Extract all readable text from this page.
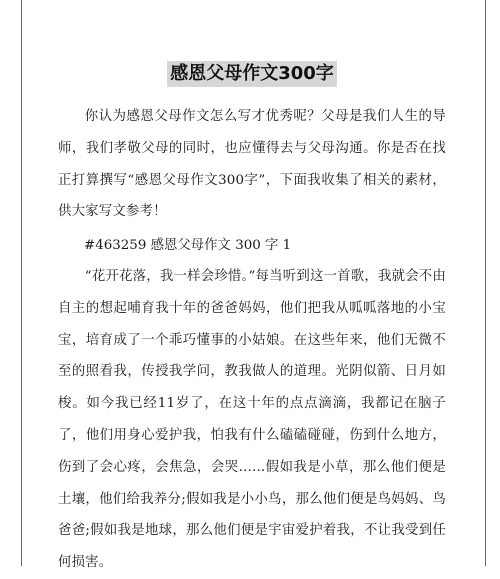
感恩父母作文300字

你认为感恩父母作文怎么写才优秀呢？父母是我们人生的导师，我们孝敬父母的同时，也应懂得去与父母沟通。你是否在找正打算撰写“感恩父母作文300字”，下面我收集了相关的素材，供大家写文参考！

#463259 感恩父母作文 300 字 1

“花开花落，我一样会珍惜。”每当听到这一首歌，我就会不由自主的想起哺育我十年的爸爸妈妈，他们把我从呱呱落地的小宝宝，培育成了一个乖巧懂事的小姑娘。在这些年来，他们无微不至的照看我，传授我学问，教我做人的道理。光阴似箭、日月如梭。如今我已经11岁了，在这十年的点点滴滴，我都记在脑子了，他们用身心爱护我，怕我有什么磕磕碰碰，伤到什么地方，伤到了会心疼，会焦急，会哭......假如我是小草，那么他们便是土壤，他们给我养分;假如我是小小鸟，那么他们便是鸟妈妈、鸟爸爸;假如我是地球，那么他们便是宇宙爱护着我，不让我受到任何损害。
